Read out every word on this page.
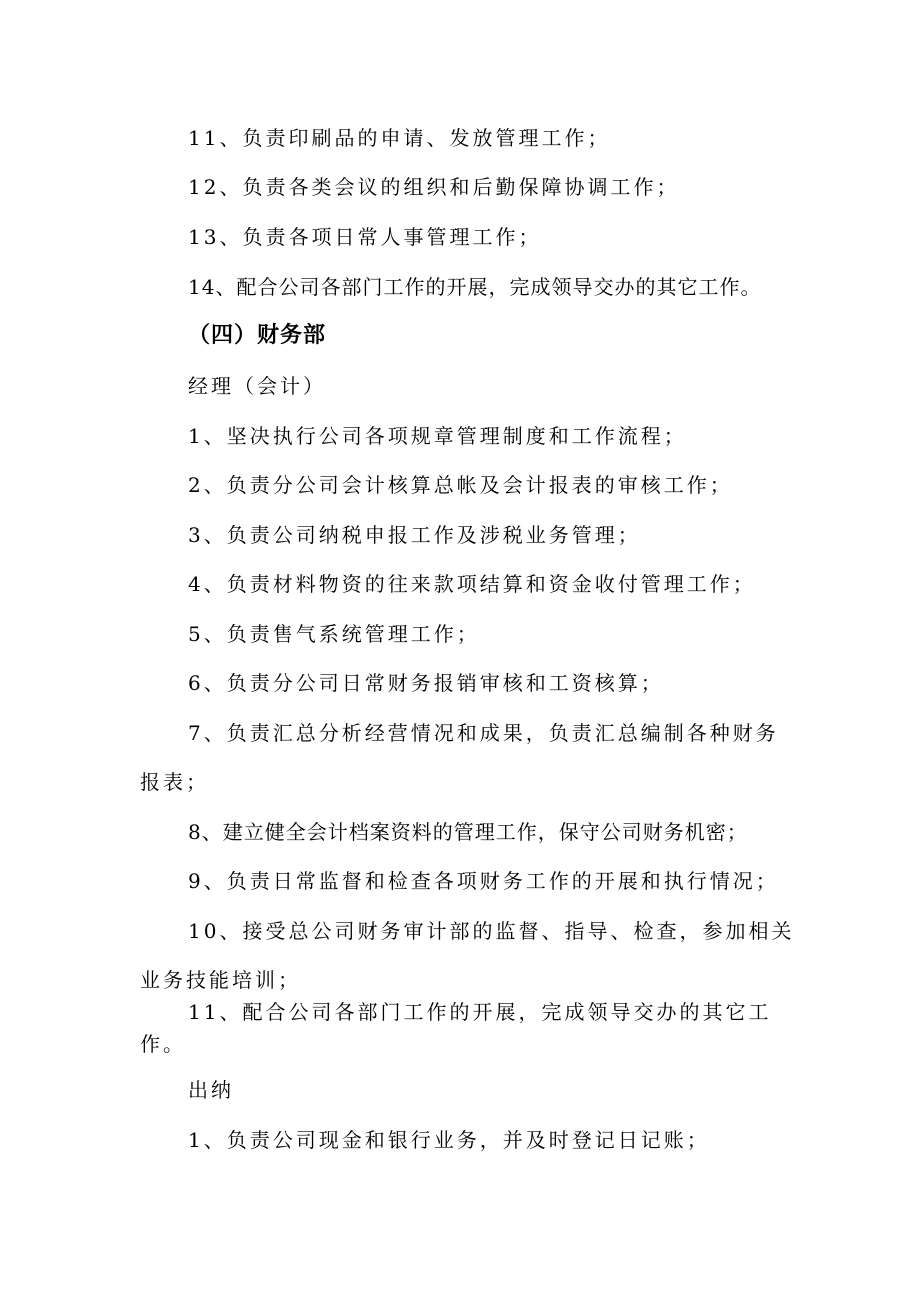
11、负责印刷品的申请、发放管理工作；
12、负责各类会议的组织和后勤保障协调工作；
13、负责各项日常人事管理工作；
14、配合公司各部门工作的开展，完成领导交办的其它工作。
（四）财务部
经理（会计）
1、坚决执行公司各项规章管理制度和工作流程；
2、负责分公司会计核算总帐及会计报表的审核工作；
3、负责公司纳税申报工作及涉税业务管理；
4、负责材料物资的往来款项结算和资金收付管理工作；
5、负责售气系统管理工作；
6、负责分公司日常财务报销审核和工资核算；
7、负责汇总分析经营情况和成果，负责汇总编制各种财务
报表；
8、建立健全会计档案资料的管理工作，保守公司财务机密；
9、负责日常监督和检查各项财务工作的开展和执行情况；
10、接受总公司财务审计部的监督、指导、检查，参加相关
业务技能培训；
11、配合公司各部门工作的开展，完成领导交办的其它工
作。
出纳
1、负责公司现金和银行业务，并及时登记日记账；
